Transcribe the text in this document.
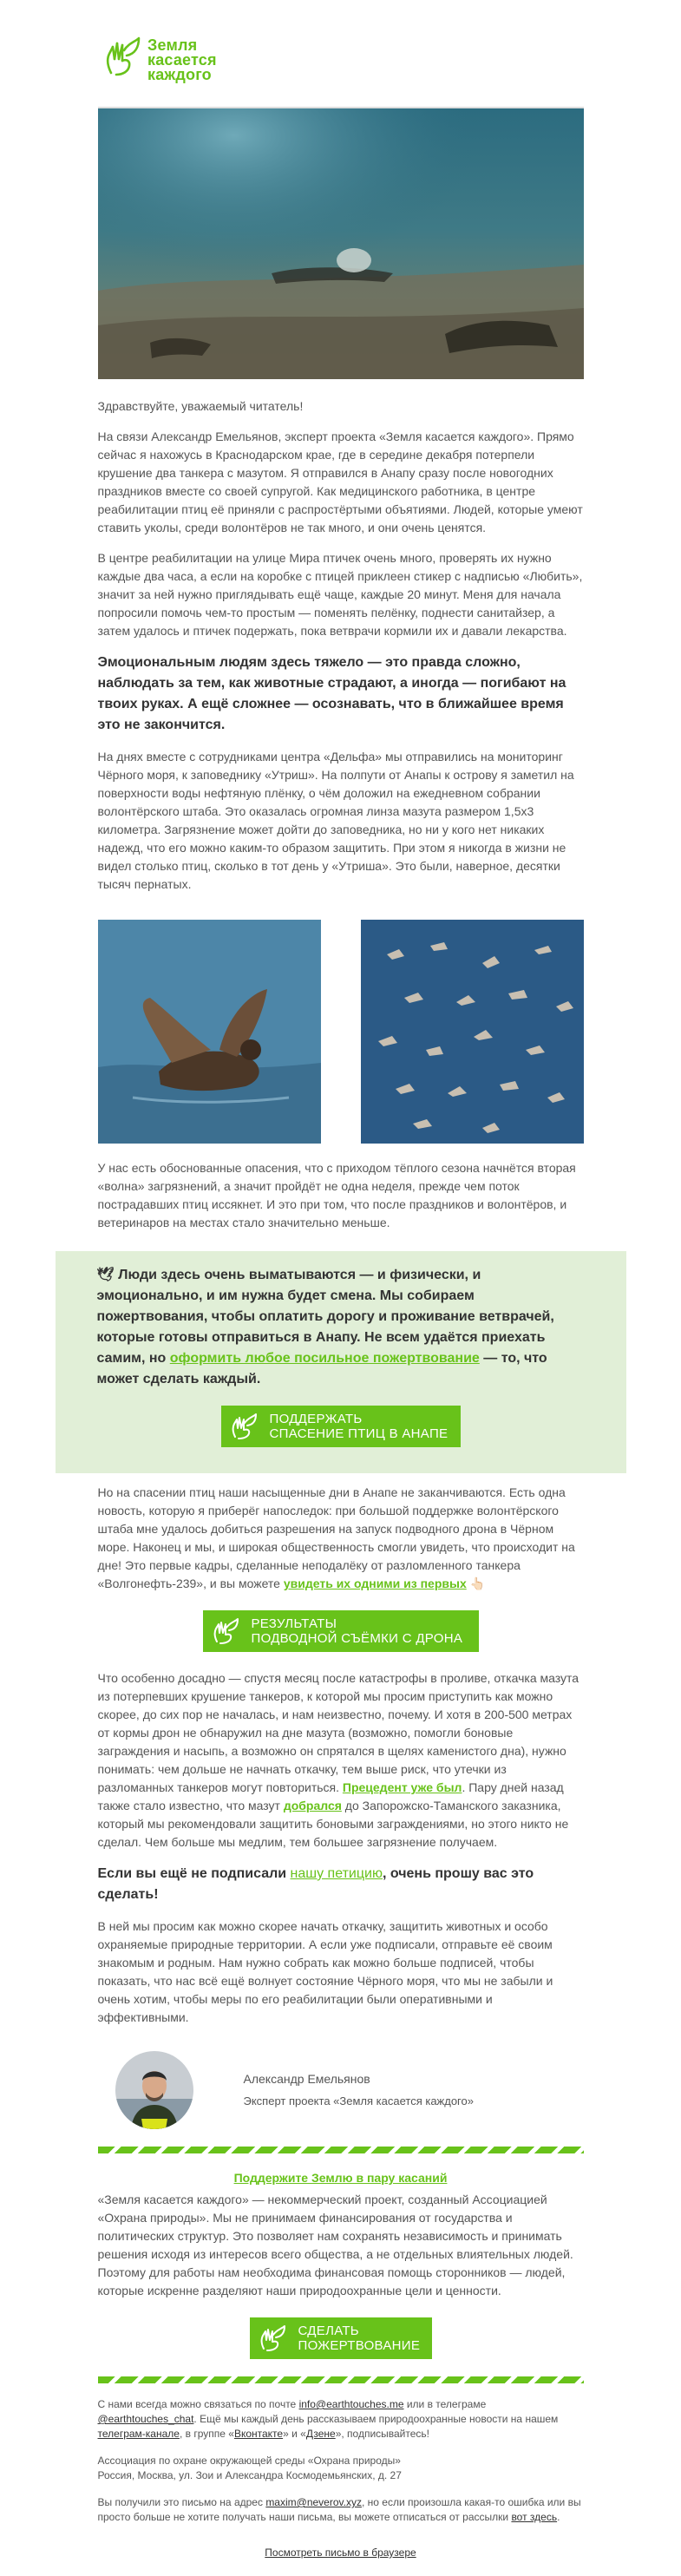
Земля
касается
каждого

Здравствуйте, уважаемый читатель!

На связи Александр Емельянов, эксперт проекта «Земля касается каждого». Прямо сейчас я нахожусь в Краснодарском крае, где в середине декабря потерпели крушение два танкера с мазутом. Я отправился в Анапу сразу после новогодних праздников вместе со своей супругой. Как медицинского работника, в центре реабилитации птиц её приняли с распростёртыми объятиями. Людей, которые умеют ставить уколы, среди волонтёров не так много, и они очень ценятся.

В центре реабилитации на улице Мира птичек очень много, проверять их нужно каждые два часа, а если на коробке с птицей приклеен стикер с надписью «Любить», значит за ней нужно приглядывать ещё чаще, каждые 20 минут. Меня для начала попросили помочь чем-то простым — поменять пелёнку, поднести санитайзер, а затем удалось и птичек подержать, пока ветврачи кормили их и давали лекарства.

Эмоциональным людям здесь тяжело — это правда сложно, наблюдать за тем, как животные страдают, а иногда — погибают на твоих руках. А ещё сложнее — осознавать, что в ближайшее время это не закончится.

На днях вместе с сотрудниками центра «Дельфа» мы отправились на мониторинг Чёрного моря, к заповеднику «Утриш». На полпути от Анапы к острову я заметил на поверхности воды нефтяную плёнку, о чём доложил на ежедневном собрании волонтёрского штаба. Это оказалась огромная линза мазута размером 1,5х3 километра. Загрязнение может дойти до заповедника, но ни у кого нет никаких надежд, что его можно каким-то образом защитить. При этом я никогда в жизни не видел столько птиц, сколько в тот день у «Утриша». Это были, наверное, десятки тысяч пернатых.

У нас есть обоснованные опасения, что с приходом тёплого сезона начнётся вторая «волна» загрязнений, а значит пройдёт не одна неделя, прежде чем поток пострадавших птиц иссякнет. И это при том, что после праздников и волонтёров, и ветеринаров на местах стало значительно меньше.

🕊 Люди здесь очень выматываются — и физически, и эмоционально, и им нужна будет смена. Мы собираем пожертвования, чтобы оплатить дорогу и проживание ветврачей, которые готовы отправиться в Анапу. Не всем удаётся приехать самим, но оформить любое посильное пожертвование — то, что может сделать каждый.

ПОДДЕРЖАТЬ
СПАСЕНИЕ ПТИЦ В АНАПЕ

Но на спасении птиц наши насыщенные дни в Анапе не заканчиваются. Есть одна новость, которую я приберёг напоследок: при большой поддержке волонтёрского штаба мне удалось добиться разрешения на запуск подводного дрона в Чёрном море. Наконец и мы, и широкая общественность смогли увидеть, что происходит на дне! Это первые кадры, сделанные неподалёку от разломленного танкера «Волгонефть-239», и вы можете увидеть их одними из первых 👆🏻

РЕЗУЛЬТАТЫ
ПОДВОДНОЙ СЪЁМКИ С ДРОНА

Что особенно досадно — спустя месяц после катастрофы в проливе, откачка мазута из потерпевших крушение танкеров, к которой мы просим приступить как можно скорее, до сих пор не началась, и нам неизвестно, почему. И хотя в 200-500 метрах от кормы дрон не обнаружил на дне мазута (возможно, помогли боновые заграждения и насыпь, а возможно он спрятался в щелях каменистого дна), нужно понимать: чем дольше не начнать откачку, тем выше риск, что утечки из разломанных танкеров могут повториться. Прецедент уже был. Пару дней назад также стало известно, что мазут добрался до Запорожско-Таманского заказника, который мы рекомендовали защитить боновыми заграждениями, но этого никто не сделал. Чем больше мы медлим, тем большее загрязнение получаем.

Если вы ещё не подписали нашу петицию, очень прошу вас это сделать!

В ней мы просим как можно скорее начать откачку, защитить животных и особо охраняемые природные территории. А если уже подписали, отправьте её своим знакомым и родным. Нам нужно собрать как можно больше подписей, чтобы показать, что нас всё ещё волнует состояние Чёрного моря, что мы не забыли и очень хотим, чтобы меры по его реабилитации были оперативными и эффективными.

Александр Емельянов
Эксперт проекта «Земля касается каждого»
Поддержите Землю в пару касаний

«Земля касается каждого» — некоммерческий проект, созданный Ассоциацией «Охрана природы». Мы не принимаем финансирования от государства и политических структур. Это позволяет нам сохранять независимость и принимать решения исходя из интересов всего общества, а не отдельных влиятельных людей. Поэтому для работы нам необходима финансовая помощь сторонников — людей, которые искренне разделяют наши природоохранные цели и ценности.

СДЕЛАТЬ
ПОЖЕРТВОВАНИЕ

С нами всегда можно связаться по почте info@earthtouches.me или в телеграме @earthtouches_chat. Ещё мы каждый день рассказываем природоохранные новости на нашем телеграм-канале, в группе «Вконтакте» и «Дзене», подписывайтесь!

Ассоциация по охране окружающей среды «Охрана природы»
Россия, Москва, ул. Зои и Александра Космодемьянских, д. 27

Вы получили это письмо на адрес maxim@neverov.xyz, но если произошла какая-то ошибка или вы просто больше не хотите получать наши письма, вы можете отписаться от рассылки вот здесь.

Посмотреть письмо в браузере
